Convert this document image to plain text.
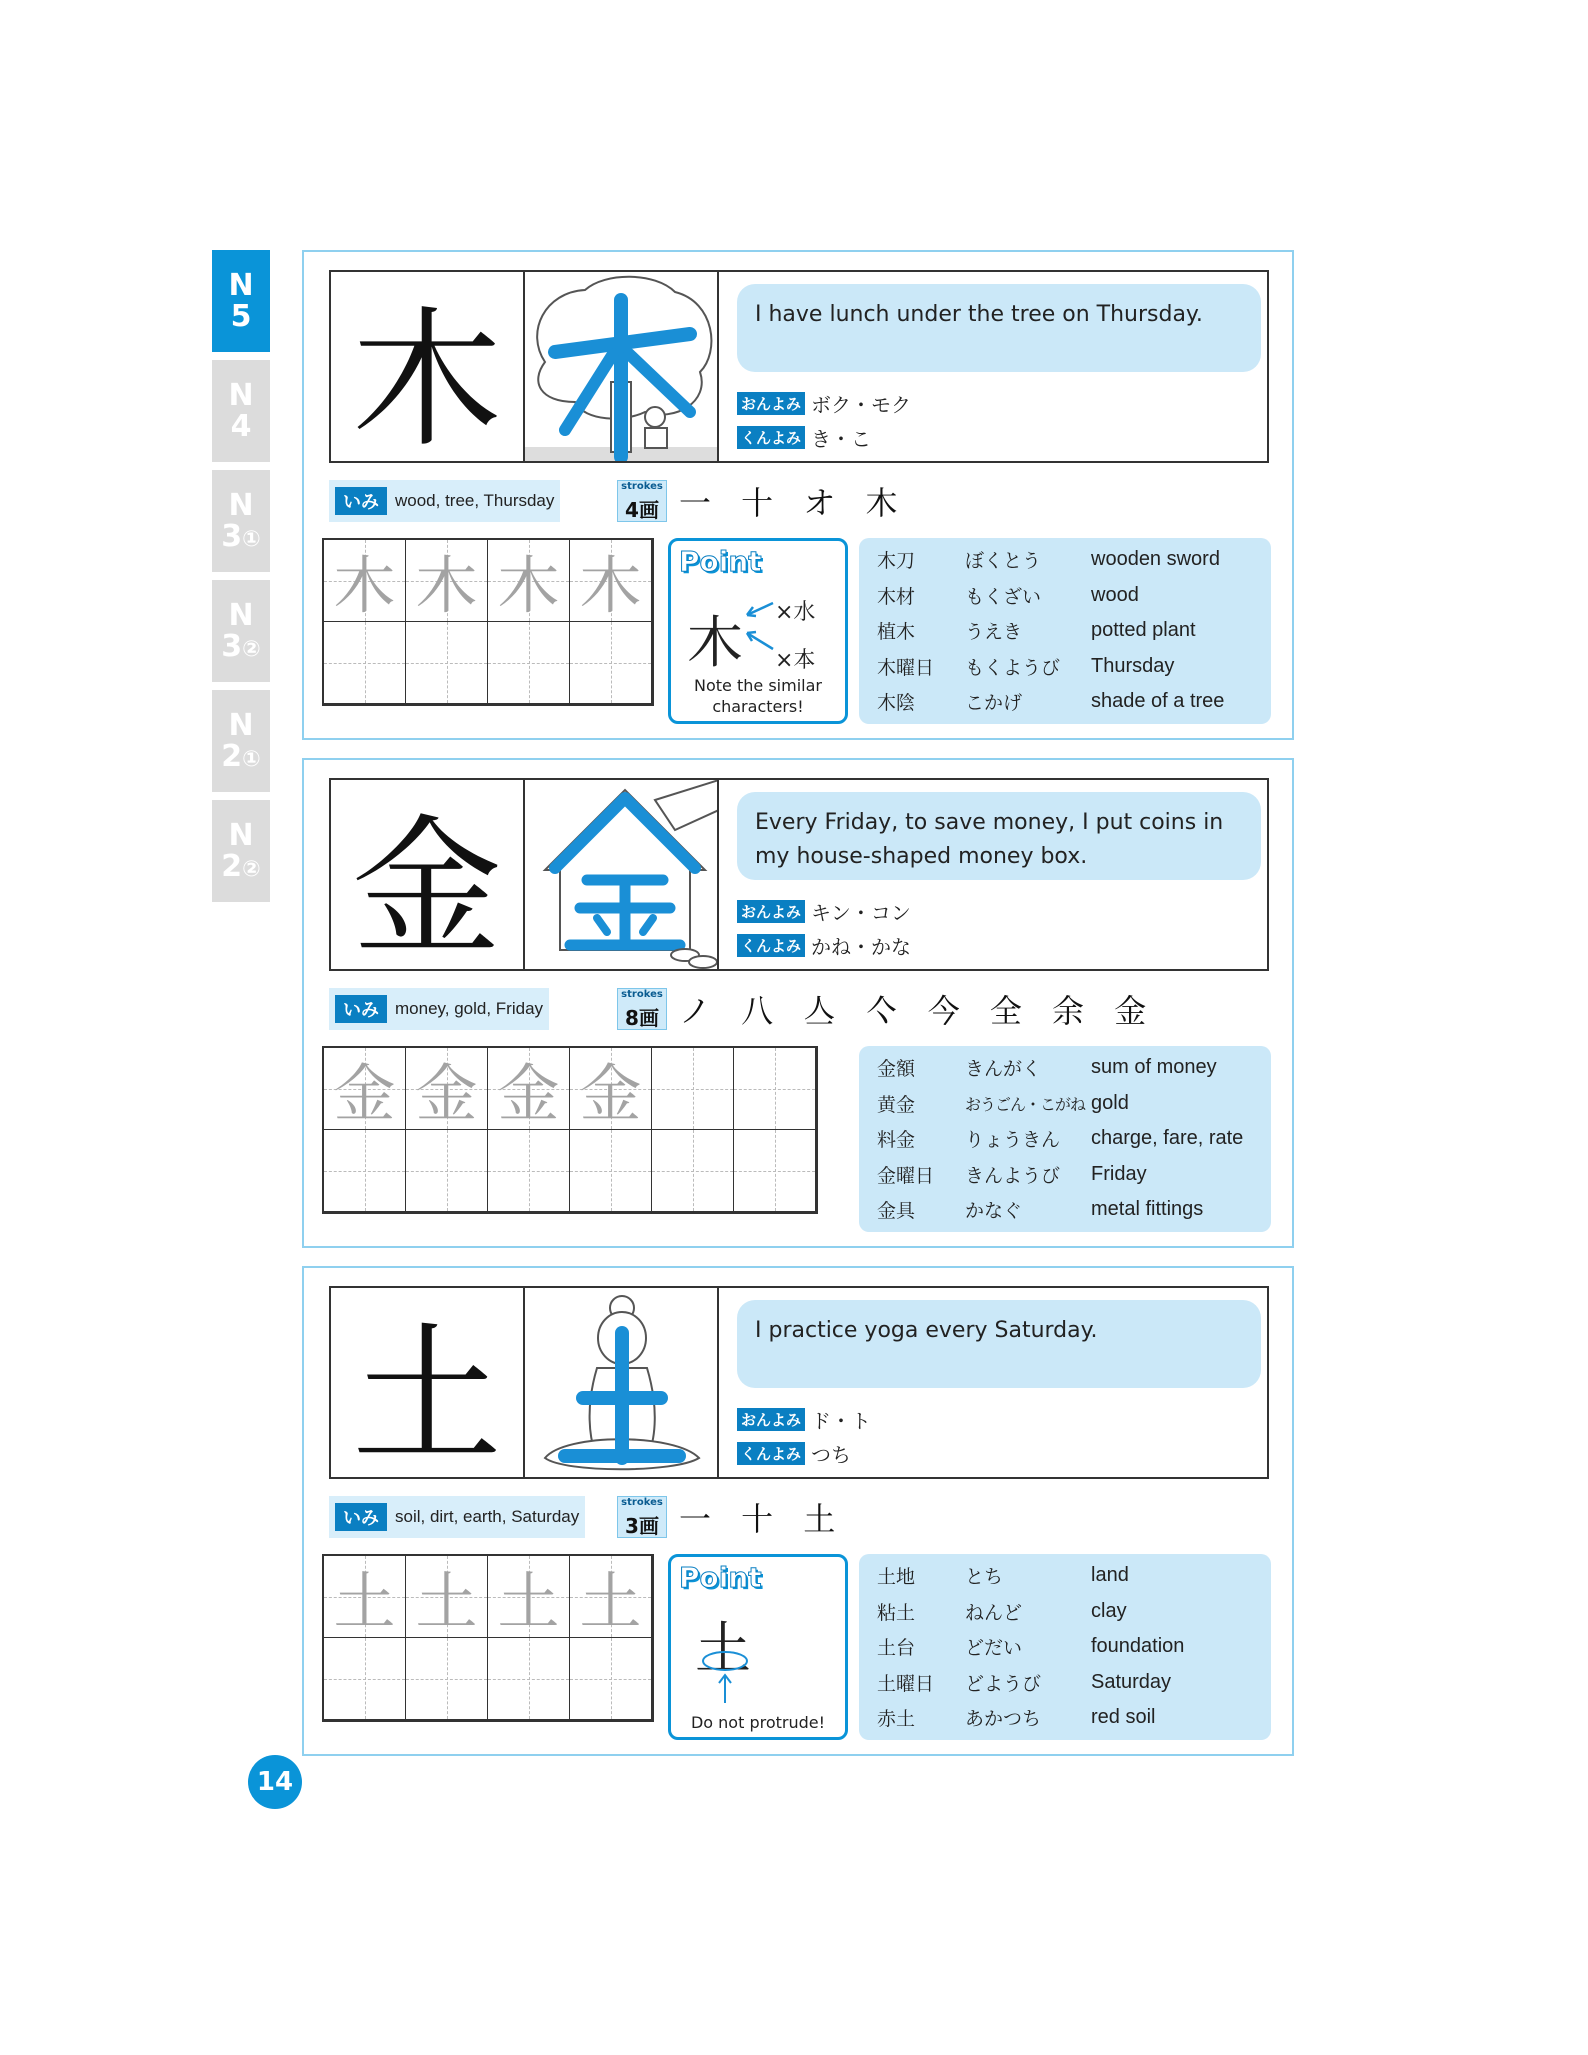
N
5
N
4
N
3①
N
3②
N
2①
N
2②
木	I have lunch under the tree on Thursday.
おんよみ ボク・モク
くんよみ き・こ
いみ wood, tree, Thursday
strokes
4画 一 十 オ 木
木 木 木 木	Point
木 ×水
×本
Note the similar characters!
木刀	ぼくとう	wooden sword
木材	もくざい	wood
植木	うえき	potted plant
木曜日	もくようび	Thursday
木陰	こかげ	shade of a tree
金	Every Friday, to save money, I put coins in my house-shaped money box.
おんよみ キン・コン
くんよみ かね・かな
いみ money, gold, Friday
strokes
8画 ノ 八 亼 亽 今 全 余 金
金 金 金 金	金額	きんがく	sum of money
黄金	おうごん・こがね gold
料金	りょうきん	charge, fare, rate
金曜日	きんようび	Friday
金具	かなぐ	metal fittings
土	I practice yoga every Saturday.
おんよみ ド・ト
くんよみ つち
いみ soil, dirt, earth, Saturday
strokes
3画 一 十 土
土 土 土 土	Point
土
Do not protrude!
土地	とち	land
粘土	ねんど	clay
土台	どだい	foundation
土曜日	どようび	Saturday
赤土	あかつち	red soil
14
